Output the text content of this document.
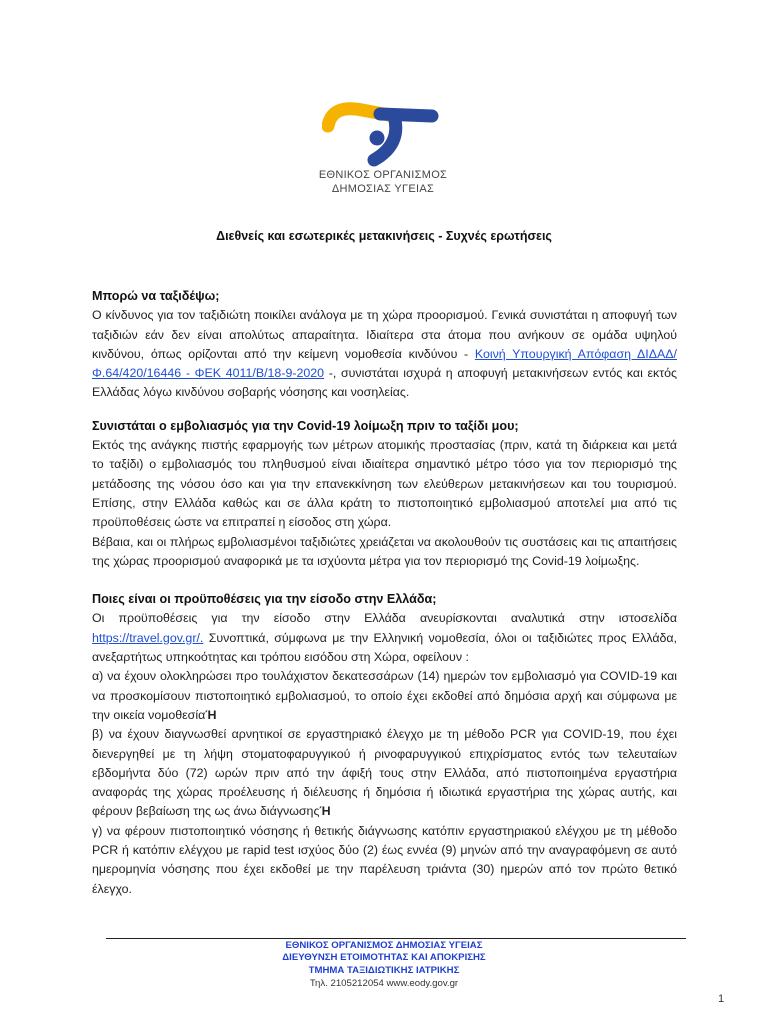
ΕΘΝΙΚΟΣ ΟΡΓΑΝΙΣΜΟΣ
ΔΗΜΟΣΙΑΣ ΥΓΕΙΑΣ
Διεθνείς και εσωτερικές μετακινήσεις - Συχνές ερωτήσεις

Μπορώ να ταξιδέψω;

Ο κίνδυνος για τον ταξιδιώτη ποικίλει ανάλογα με τη χώρα προορισμού. Γενικά συνιστάται η αποφυγή των ταξιδιών εάν δεν είναι απολύτως απαραίτητα. Ιδιαίτερα στα άτομα που ανήκουν σε ομάδα υψηλού κινδύνου, όπως ορίζονται από την κείμενη νομοθεσία κινδύνου - Κοινή Υπουργική Απόφαση ΔΙΔΑΔ/Φ.64/420/16446 - ΦΕΚ 4011/Β/18-9-2020 -, συνιστάται ισχυρά η αποφυγή μετακινήσεων εντός και εκτός Ελλάδας λόγω κινδύνου σοβαρής νόσησης και νοσηλείας.

Συνιστάται ο εμβολιασμός για την Covid-19 λοίμωξη πριν το ταξίδι μου;

Εκτός της ανάγκης πιστής εφαρμογής των μέτρων ατομικής προστασίας (πριν, κατά τη διάρκεια και μετά το ταξίδι) ο εμβολιασμός του πληθυσμού είναι ιδιαίτερα σημαντικό μέτρο τόσο για τον περιορισμό της μετάδοσης της νόσου όσο και για την επανεκκίνηση των ελεύθερων μετακινήσεων και του τουρισμού. Επίσης, στην Ελλάδα καθώς και σε άλλα κράτη το πιστοποιητικό εμβολιασμού αποτελεί μια από τις προϋποθέσεις ώστε να επιτραπεί η είσοδος στη χώρα.

Βέβαια, και οι πλήρως εμβολιασμένοι ταξιδιώτες χρειάζεται να ακολουθούν τις συστάσεις και τις απαιτήσεις της χώρας προορισμού αναφορικά με τα ισχύοντα μέτρα για τον περιορισμό της Covid-19 λοίμωξης.

Ποιες είναι οι προϋποθέσεις για την είσοδο στην Ελλάδα;

Οι προϋποθέσεις για την είσοδο στην Ελλάδα ανευρίσκονται αναλυτικά στην ιστοσελίδα https://travel.gov.gr/. Συνοπτικά, σύμφωνα με την Ελληνική νομοθεσία, όλοι οι ταξιδιώτες προς Ελλάδα, ανεξαρτήτως υπηκοότητας και τρόπου εισόδου στη Χώρα, οφείλουν :

α) να έχουν ολοκληρώσει προ τουλάχιστον δεκατεσσάρων (14) ημερών τον εμβολιασμό για COVID-19 και να προσκομίσουν πιστοποιητικό εμβολιασμού, το οποίο έχει εκδοθεί από δημόσια αρχή και σύμφωνα με την οικεία νομοθεσίαΉ

β) να έχουν διαγνωσθεί αρνητικοί σε εργαστηριακό έλεγχο με τη μέθοδο PCR για COVID-19, που έχει διενεργηθεί με τη λήψη στοματοφαρυγγικού ή ρινοφαρυγγικού επιχρίσματος εντός των τελευταίων εβδομήντα δύο (72) ωρών πριν από την άφιξή τους στην Ελλάδα, από πιστοποιημένα εργαστήρια αναφοράς της χώρας προέλευσης ή διέλευσης ή δημόσια ή ιδιωτικά εργαστήρια της χώρας αυτής, και φέρουν βεβαίωση της ως άνω διάγνωσηςΉ

γ) να φέρουν πιστοποιητικό νόσησης ή θετικής διάγνωσης κατόπιν εργαστηριακού ελέγχου με τη μέθοδο PCR ή κατόπιν ελέγχου με rapid test ισχύος δύο (2) έως εννέα (9) μηνών από την αναγραφόμενη σε αυτό ημερομηνία νόσησης που έχει εκδοθεί με την παρέλευση τριάντα (30) ημερών από τον πρώτο θετικό έλεγχο.

ΕΘΝΙΚΟΣ ΟΡΓΑΝΙΣΜΟΣ ΔΗΜΟΣΙΑΣ ΥΓΕΙΑΣ

ΔΙΕΥΘΥΝΣΗ ΕΤΟΙΜΟΤΗΤΑΣ ΚΑΙ ΑΠΟΚΡΙΣΗΣ

ΤΜΗΜΑ ΤΑΞΙΔΙΩΤΙΚΗΣ ΙΑΤΡΙΚΗΣ

Τηλ. 2105212054 www.eody.gov.gr

1
